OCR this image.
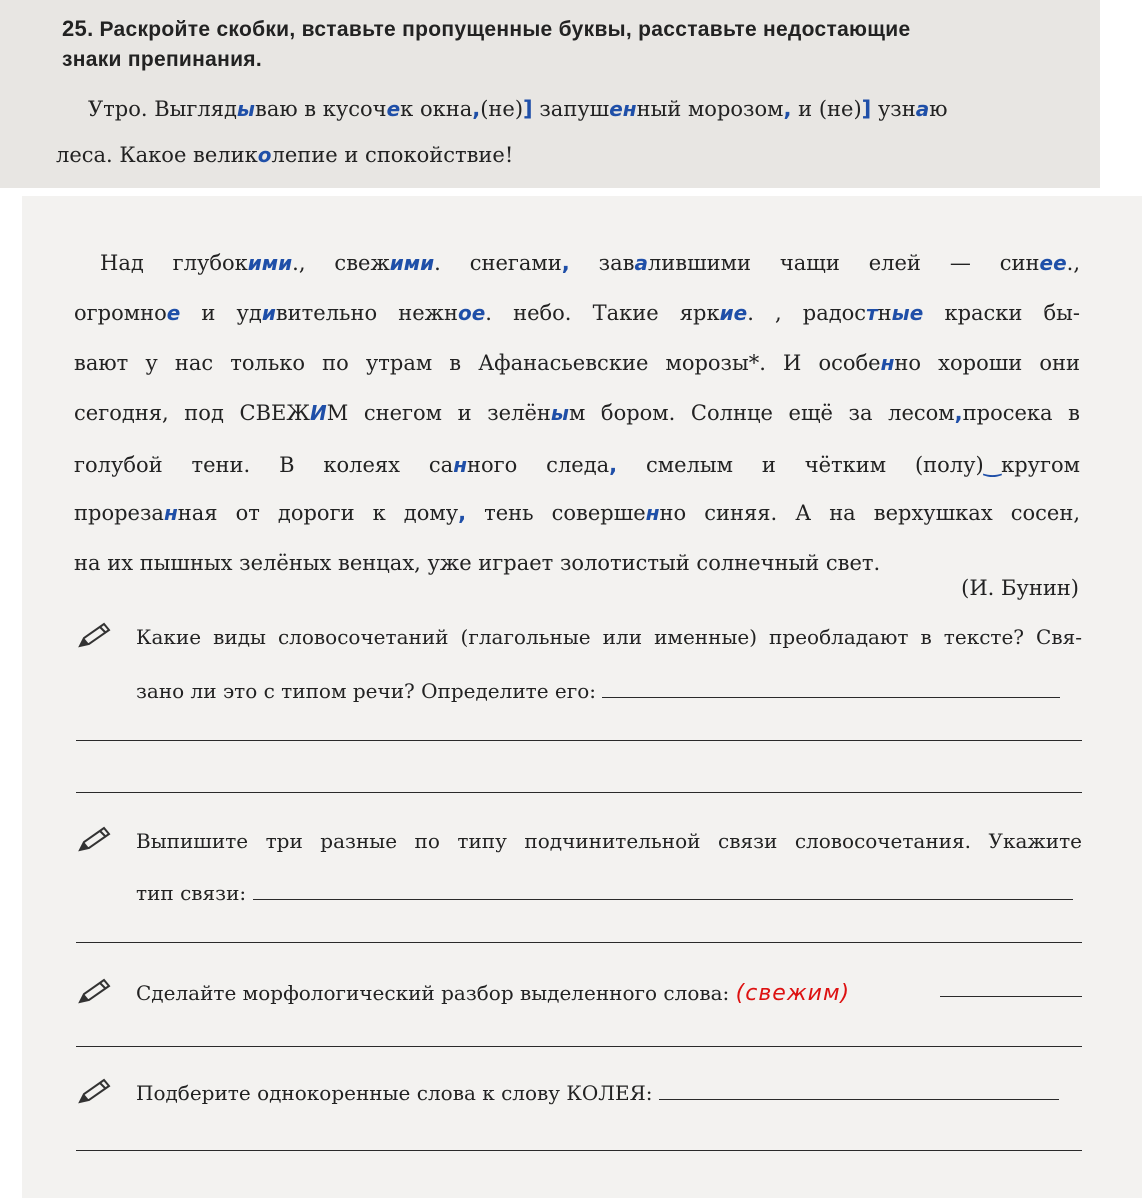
25. Раскройте скобки, вставьте пропущенные буквы, расставьте недостающие
знаки препинания.
Утро. Выглядываю в кусочек окна,(не)] запушенный морозом, и (не)] узнаю
леса. Какое великолепие и спокойствие!
Над глубокими., свежими. снегами, завалившими чащи елей — синее.,
огромное и удивительно нежное. небо. Такие яркие. , радостные краски бы-
вают у нас только по утрам в Афанасьевские морозы*. И особенно хороши они
сегодня, под СВЕЖИМ снегом и зелёным бором. Солнце ещё за лесом,просека в
голубой тени. В колеях санного следа, смелым и чётким (полу)‿кругом
прорезанная от дороги к дому, тень совершенно синяя. А на верхушках сосен,
на их пышных зелёных венцах, уже играет золотистый солнечный свет.
(И. Бунин)
Какие виды словосочетаний (глагольные или именные) преобладают в тексте? Свя-
зано ли это с типом речи? Определите его:
Выпишите три разные по типу подчинительной связи словосочетания. Укажите
тип связи:
Сделайте морфологический разбор выделенного слова: (свежим)
Подберите однокоренные слова к слову КОЛЕЯ:
